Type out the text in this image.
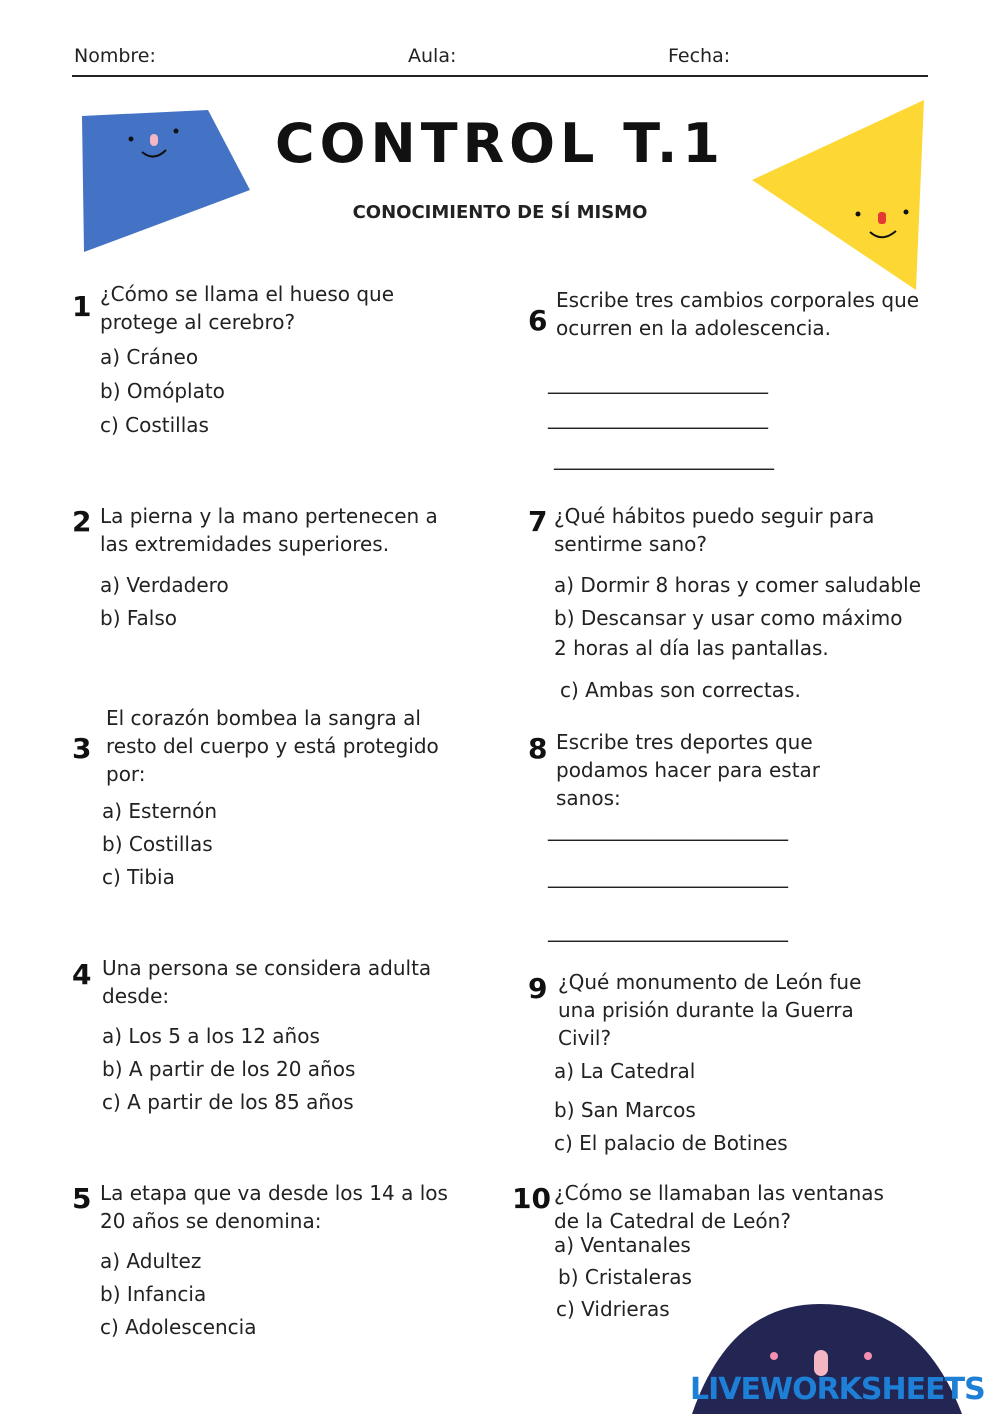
Nombre:	Aula:	Fecha:
CONTROL T.1
CONOCIMIENTO DE SÍ MISMO
1 ¿Cómo se llama el hueso que protege al cerebro?
a) Cráneo
b) Omóplato
c) Costillas
2 La pierna y la mano pertenecen a las extremidades superiores.
a) Verdadero
b) Falso
3
El corazón bombea la sangra al resto del cuerpo y está protegido por:
a) Esternón
b) Costillas
c) Tibia
4 Una persona se considera adulta desde:
a) Los 5 a los 12 años
b) A partir de los 20 años
c) A partir de los 85 años
5 La etapa que va desde los 14 a los 20 años se denomina:
a) Adultez
b) Infancia
c) Adolescencia
6
Escribe tres cambios corporales que ocurren en la adolescencia.
______________________
______________________
______________________
7 ¿Qué hábitos puedo seguir para sentirme sano?
a) Dormir 8 horas y comer saludable
b) Descansar y usar como máximo
2 horas al día las pantallas.
c) Ambas son correctas.
8 Escribe tres deportes que podamos hacer para estar sanos:
________________________
________________________
________________________
9 ¿Qué monumento de León fue una prisión durante la Guerra Civil?
a) La Catedral
b) San Marcos
c) El palacio de Botines
10 ¿Cómo se llamaban las ventanas de la Catedral de León?
a) Ventanales
b) Cristaleras
c) Vidrieras
LIVEWORKSHEETS
